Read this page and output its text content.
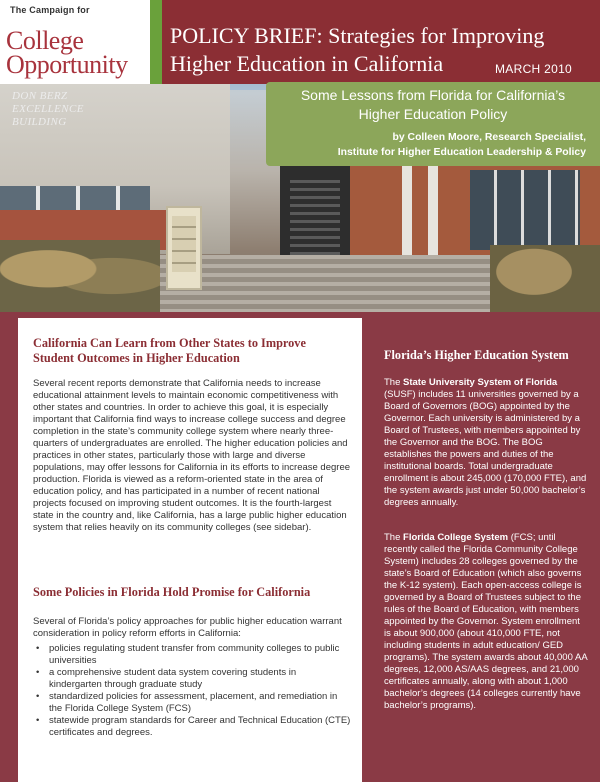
The Campaign for
College
Opportunity
POLICY BRIEF: Strategies for Improving
Higher Education in California	MARCH 2010
DON BERZ
EXCELLENCE
BUILDING
Some Lessons from Florida for California’s
Higher Education Policy
by Colleen Moore, Research Specialist,
Institute for Higher Education Leadership & Policy
California Can Learn from Other States to Improve
Student Outcomes in Higher Education

Several recent reports demonstrate that California needs to increase educational attainment levels to maintain economic competitiveness with other states and countries. In order to achieve this goal, it is especially important that California find ways to increase college success and degree completion in the state’s community college system where nearly three-quarters of undergraduates are enrolled. The higher education policies and practices in other states, particularly those with large and diverse populations, may offer lessons for California in its efforts to increase degree production. Florida is viewed as a reform-oriented state in the area of education policy, and has participated in a number of recent national projects focused on improving student outcomes. It is the fourth-largest state in the country and, like California, has a large public higher education system that relies heavily on its community colleges (see sidebar).

Some Policies in Florida Hold Promise for California

Several of Florida’s policy approaches for public higher education warrant consideration in policy reform efforts in California:

• policies regulating student transfer from community colleges to public universities
• a comprehensive student data system covering students in kindergarten through graduate study
• standardized policies for assessment, placement, and remediation in the Florida College System (FCS)
• statewide program standards for Career and Technical Education (CTE) certificates and degrees.
Florida’s Higher Education System

The State University System of Florida (SUSF) includes 11 universities governed by a Board of Governors (BOG) appointed by the Governor. Each university is administered by a Board of Trustees, with members appointed by the Governor and the BOG. The BOG establishes the powers and duties of the institutional boards. Total undergraduate enrollment is about 245,000 (170,000 FTE), and the system awards just under 50,000 bachelor’s degrees annually.

The Florida College System (FCS; until recently called the Florida Community College System) includes 28 colleges governed by the state’s Board of Education (which also governs the K-12 system). Each open-access college is governed by a Board of Trustees subject to the rules of the Board of Education, with members appointed by the Governor. System enrollment is about 900,000 (about 410,000 FTE, not including students in adult education/ GED programs). The system awards about 40,000 AA degrees, 12,000 AS/AAS degrees, and 21,000 certificates annually, along with about 1,000 bachelor’s degrees (14 colleges currently have bachelor’s programs).
